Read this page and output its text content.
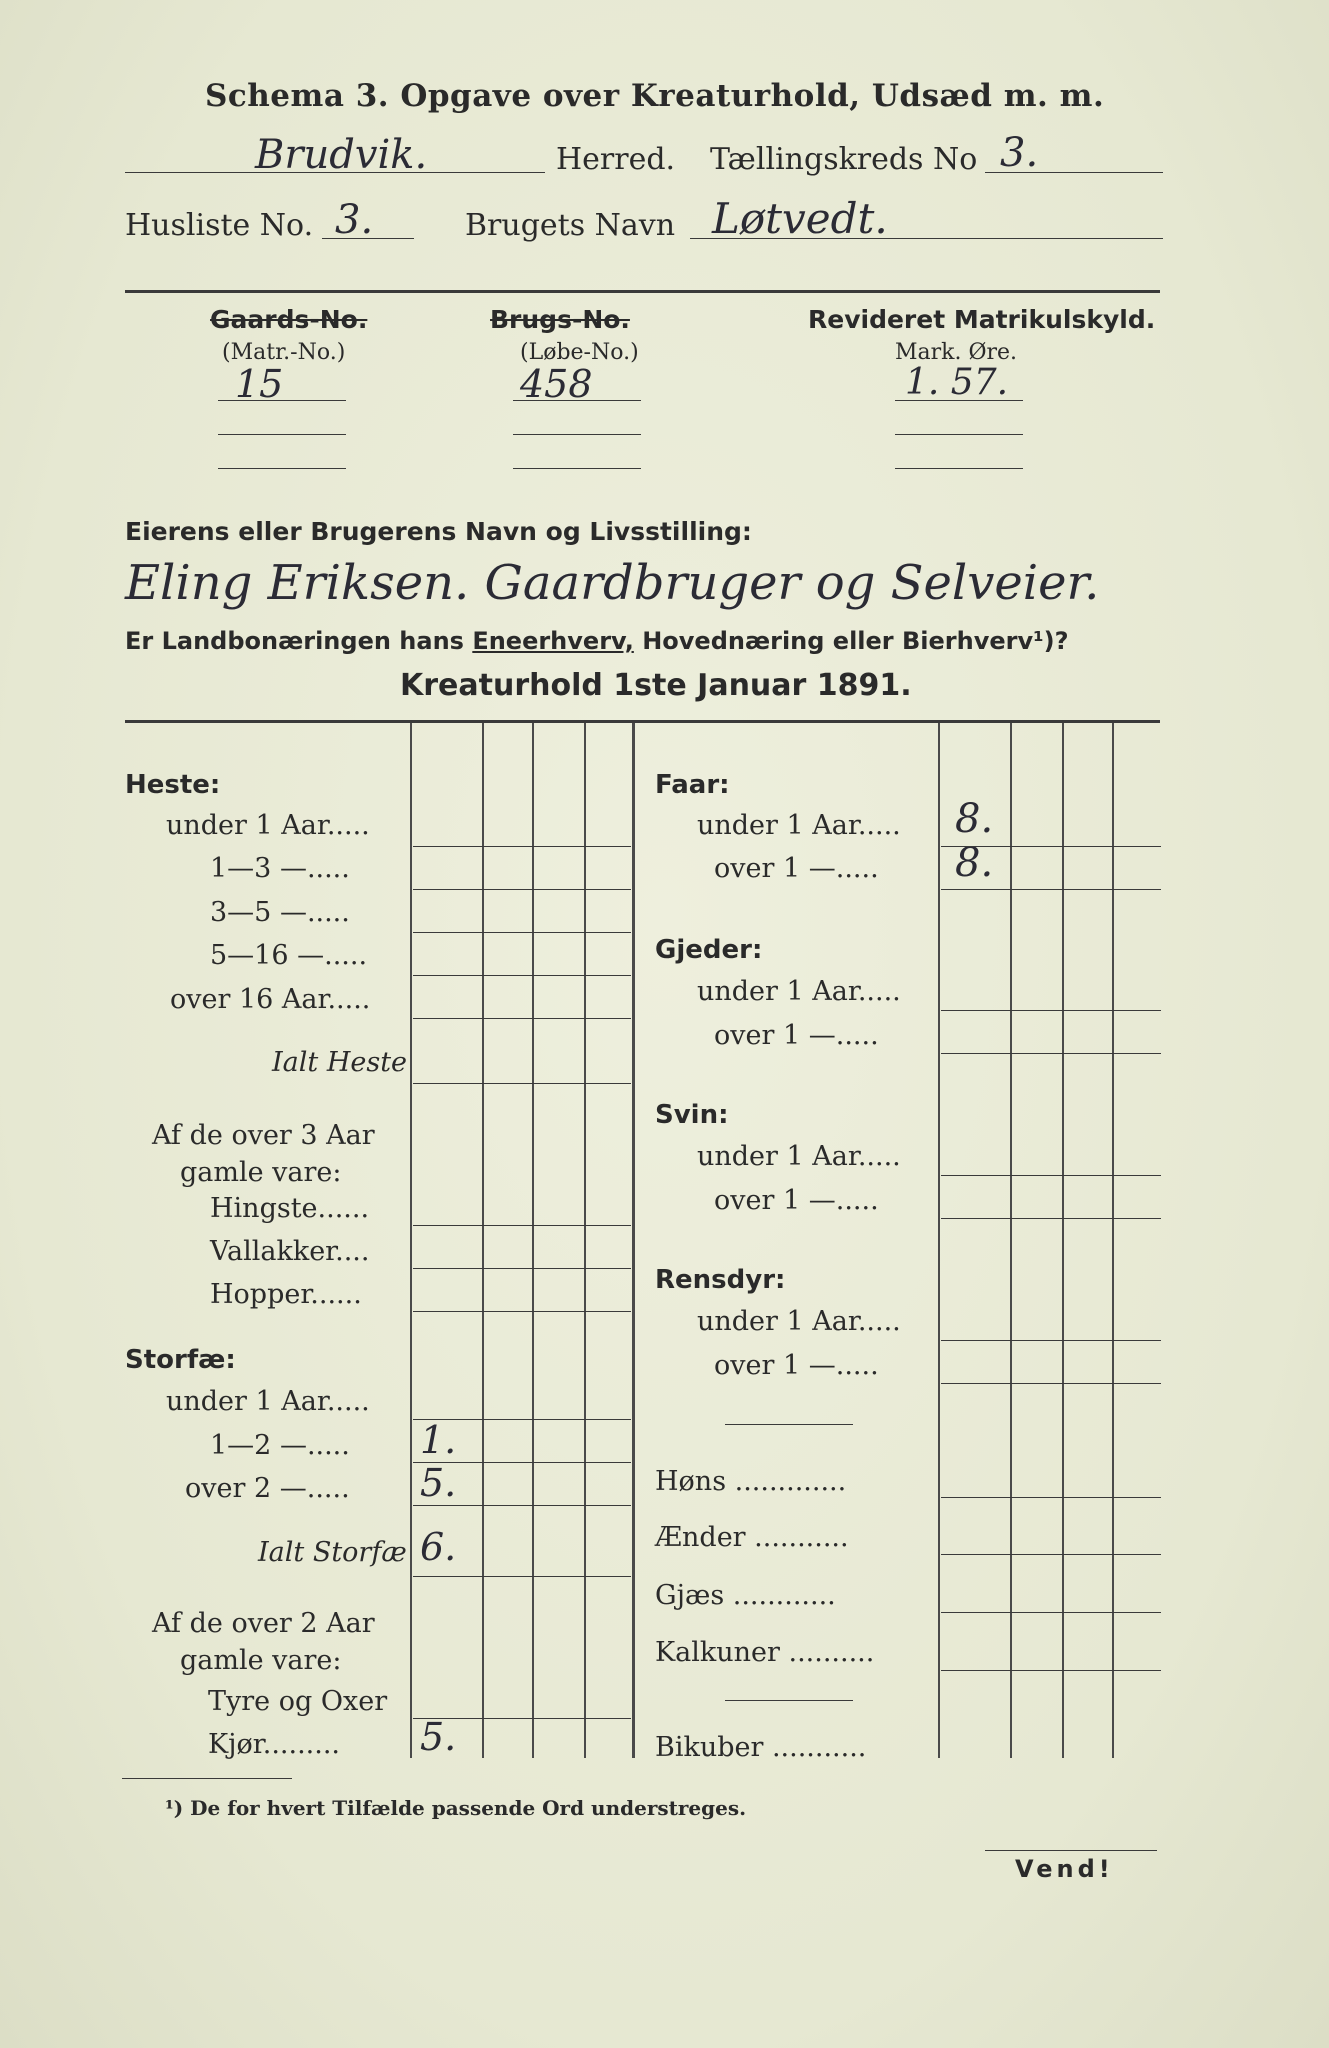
Schema 3. Opgave over Kreaturhold, Udsæd m. m.
Brudvik.	Herred. Tællingskreds No 3.
Husliste No. 3.	Brugets Navn Løtvedt.
Gaards-No.
(Matr.-No.)
15
Brugs-No.
(Løbe-No.)
458
Revideret Matrikulskyld.
Mark. Øre.
1. 57.
Eierens eller Brugerens Navn og Livsstilling:
Eling Eriksen. Gaardbruger og Selveier.
Er Landbonæringen hans Eneerhverv, Hovednæring eller Bierhverv¹)?
Kreaturhold 1ste Januar 1891.
Heste:
under 1 Aar.....
1—3 —.....
3—5 —.....
5—16 —.....
over 16 Aar.....
Ialt Heste
Af de over 3 Aar
gamle vare:
Hingste......
Vallakker....
Hopper......
Storfæ:
under 1 Aar.....
1—2 —.....
over 2 —.....
1.
5.
Ialt Storfæ 6.
Af de over 2 Aar
gamle vare:
Tyre og Oxer
Kjør......... 5.
Faar:
under 1 Aar..... 8.
over 1 —..... 8.
Gjeder:
under 1 Aar.....
over 1 —.....
Svin:
under 1 Aar.....
over 1 —.....
Rensdyr:
under 1 Aar.....
over 1 —.....
Høns .............
Ænder ...........
Gjæs ............
Kalkuner ..........
Bikuber ...........
¹) De for hvert Tilfælde passende Ord understreges.
Vend!
